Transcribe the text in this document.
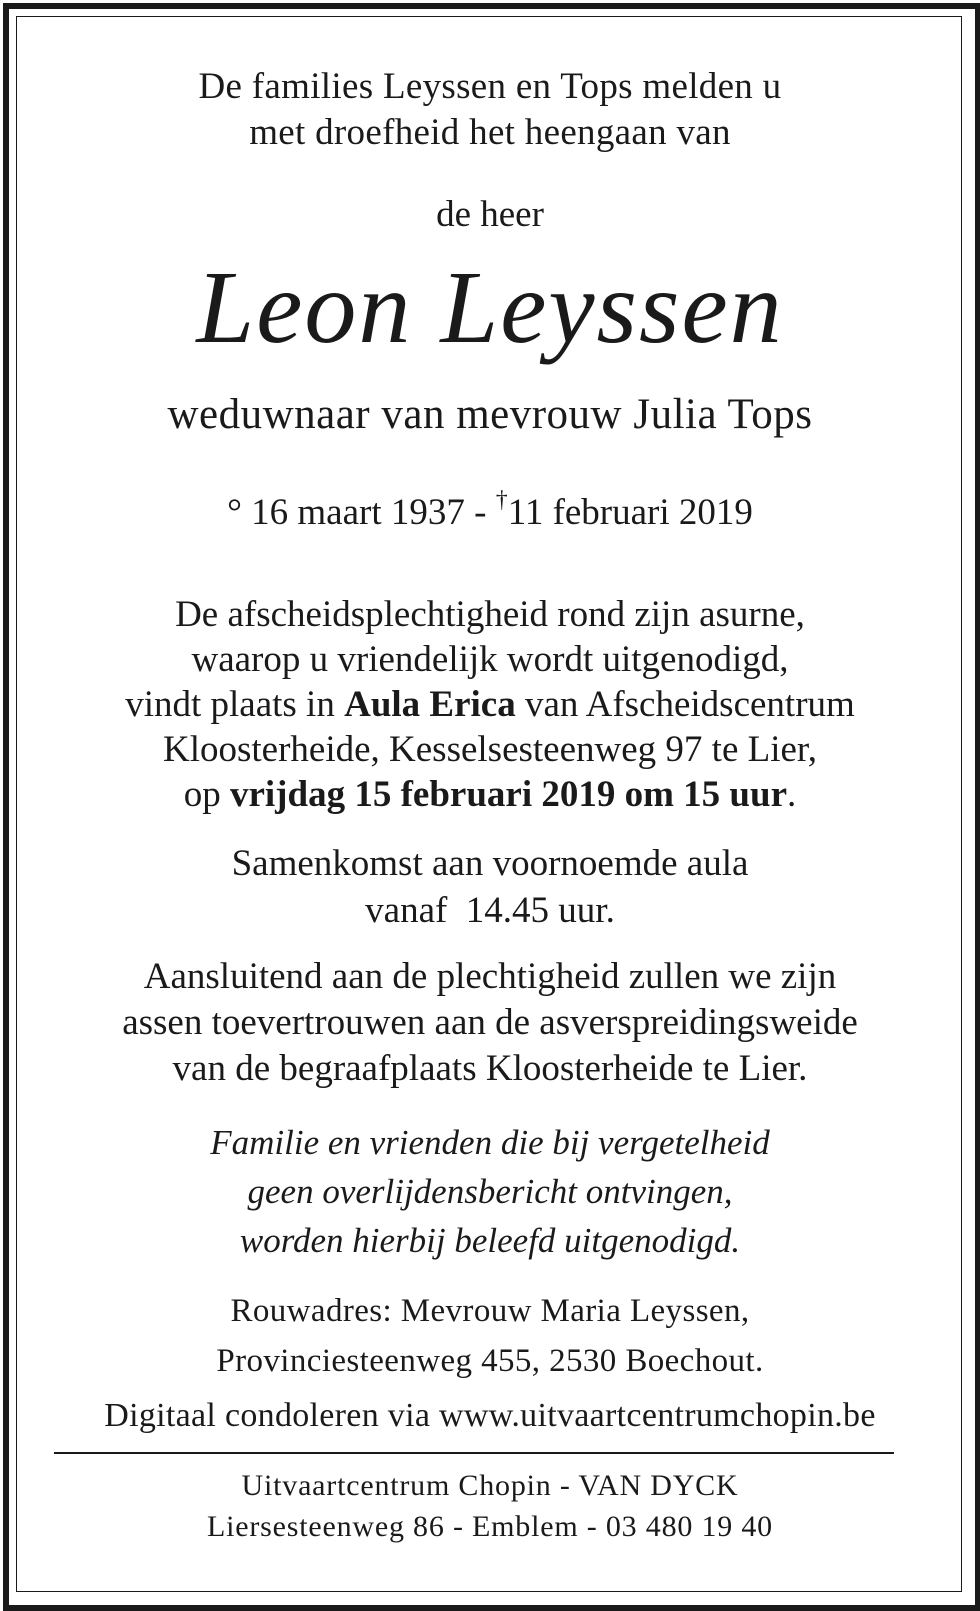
De families Leyssen en Tops melden u
met droefheid het heengaan van
de heer
Leon Leyssen
weduwnaar van mevrouw Julia Tops
° 16 maart 1937 - †11 februari 2019
De afscheidsplechtigheid rond zijn asurne,
waarop u vriendelijk wordt uitgenodigd,
vindt plaats in Aula Erica van Afscheidscentrum
Kloosterheide, Kesselsesteenweg 97 te Lier,
op vrijdag 15 februari 2019 om 15 uur.
Samenkomst aan voornoemde aula
vanaf  14.45 uur.
Aansluitend aan de plechtigheid zullen we zijn
assen toevertrouwen aan de asverspreidingsweide
van de begraafplaats Kloosterheide te Lier.
Familie en vrienden die bij vergetelheid
geen overlijdensbericht ontvingen,
worden hierbij beleefd uitgenodigd.
Rouwadres: Mevrouw Maria Leyssen,
Provinciesteenweg 455, 2530 Boechout.
Digitaal condoleren via www.uitvaartcentrumchopin.be
Uitvaartcentrum Chopin - VAN DYCK
Liersesteenweg 86 - Emblem - 03 480 19 40
